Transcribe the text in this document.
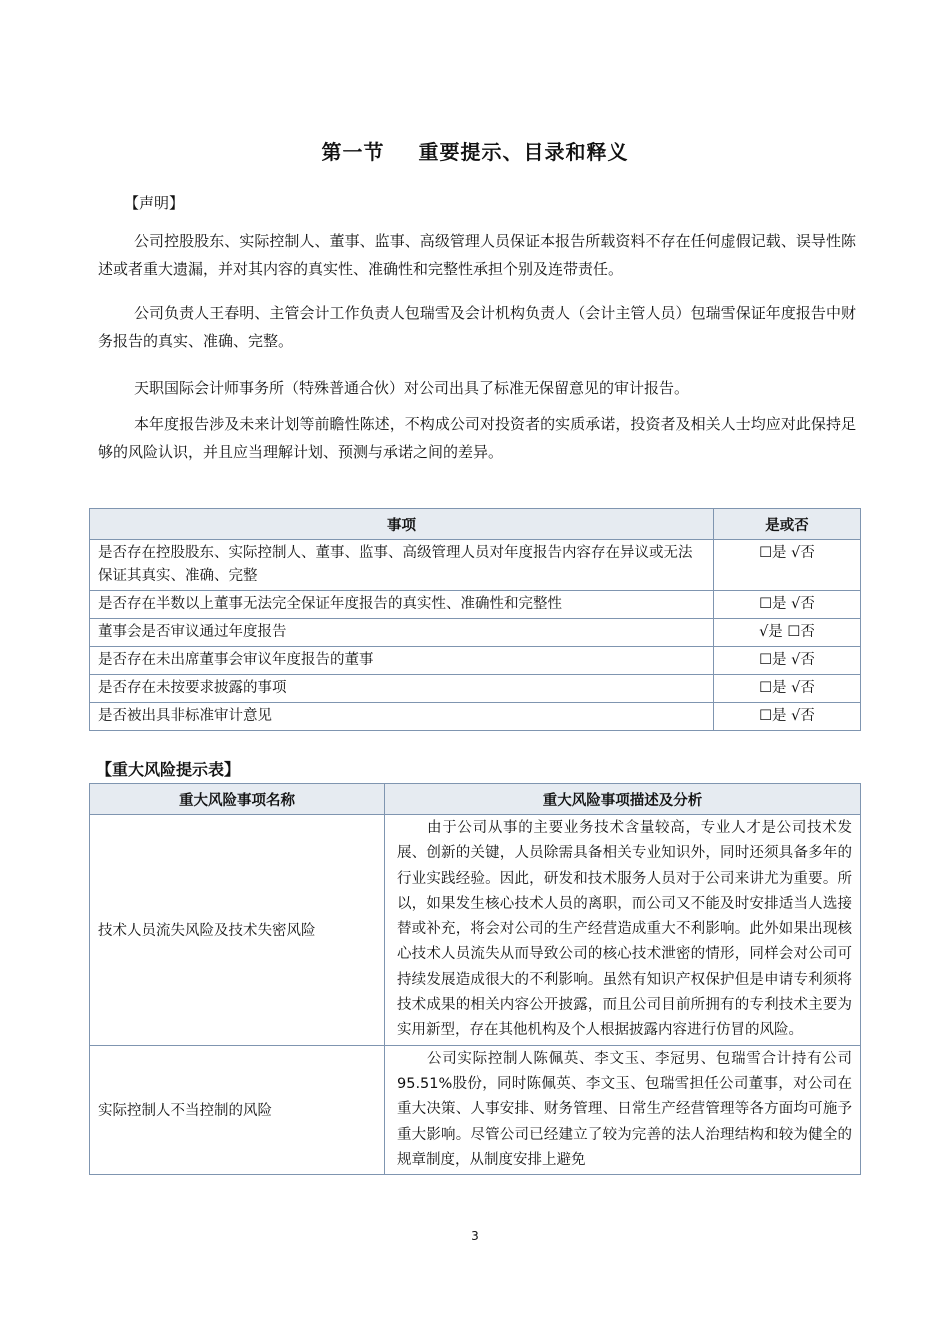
第一节 重要提示、目录和释义
【声明】
公司控股股东、实际控制人、董事、监事、高级管理人员保证本报告所载资料不存在任何虚假记载、误导性陈述或者重大遗漏，并对其内容的真实性、准确性和完整性承担个别及连带责任。
公司负责人王春明、主管会计工作负责人包瑞雪及会计机构负责人（会计主管人员）包瑞雪保证年度报告中财务报告的真实、准确、完整。
天职国际会计师事务所（特殊普通合伙）对公司出具了标准无保留意见的审计报告。
本年度报告涉及未来计划等前瞻性陈述，不构成公司对投资者的实质承诺，投资者及相关人士均应对此保持足够的风险认识，并且应当理解计划、预测与承诺之间的差异。
事项	是或否
是否存在控股股东、实际控制人、董事、监事、高级管理人员对年度报告内容存在异议或无法保证其真实、准确、完整	☐是 √否
是否存在半数以上董事无法完全保证年度报告的真实性、准确性和完整性	☐是 √否
董事会是否审议通过年度报告	√是 ☐否
是否存在未出席董事会审议年度报告的董事	☐是 √否
是否存在未按要求披露的事项	☐是 √否
是否被出具非标准审计意见	☐是 √否
【重大风险提示表】
重大风险事项名称	重大风险事项描述及分析
技术人员流失风险及技术失密风险	由于公司从事的主要业务技术含量较高，专业人才是公司技术发展、创新的关键，人员除需具备相关专业知识外，同时还须具备多年的行业实践经验。因此，研发和技术服务人员对于公司来讲尤为重要。所以，如果发生核心技术人员的离职，而公司又不能及时安排适当人选接替或补充，将会对公司的生产经营造成重大不利影响。此外如果出现核心技术人员流失从而导致公司的核心技术泄密的情形，同样会对公司可持续发展造成很大的不利影响。虽然有知识产权保护但是申请专利须将技术成果的相关内容公开披露，而且公司目前所拥有的专利技术主要为实用新型，存在其他机构及个人根据披露内容进行仿冒的风险。

实际控制人不当控制的风险	公司实际控制人陈佩英、李文玉、李冠男、包瑞雪合计持有公司 95.51%股份，同时陈佩英、李文玉、包瑞雪担任公司董事，对公司在重大决策、人事安排、财务管理、日常生产经营管理等各方面均可施予重大影响。尽管公司已经建立了较为完善的法人治理结构和较为健全的规章制度，从制度安排上避免

3
